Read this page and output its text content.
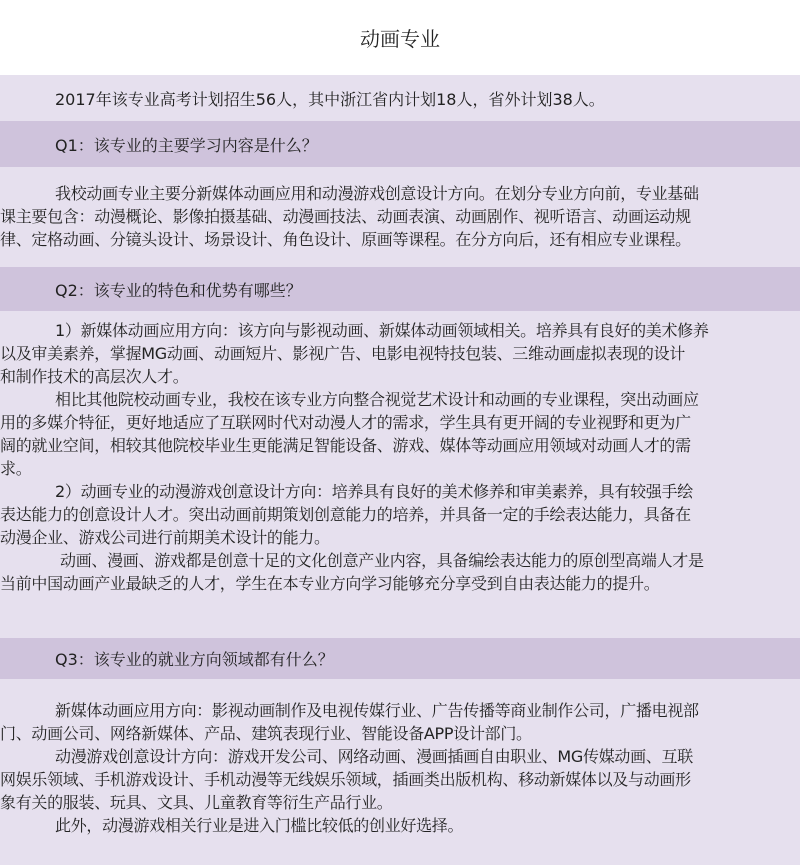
动画专业
2017年该专业高考计划招生56人，其中浙江省内计划18人，省外计划38人。
Q1：该专业的主要学习内容是什么？
我校动画专业主要分新媒体动画应用和动漫游戏创意设计方向。在划分专业方向前，专业基础
课主要包含：动漫概论、影像拍摄基础、动漫画技法、动画表演、动画剧作、视听语言、动画运动规
律、定格动画、分镜头设计、场景设计、角色设计、原画等课程。在分方向后，还有相应专业课程。
Q2：该专业的特色和优势有哪些？
1）新媒体动画应用方向：该方向与影视动画、新媒体动画领域相关。培养具有良好的美术修养
以及审美素养，掌握MG动画、动画短片、影视广告、电影电视特技包装、三维动画虚拟表现的设计
和制作技术的高层次人才。
相比其他院校动画专业，我校在该专业方向整合视觉艺术设计和动画的专业课程，突出动画应
用的多媒介特征，更好地适应了互联网时代对动漫人才的需求，学生具有更开阔的专业视野和更为广
阔的就业空间，相较其他院校毕业生更能满足智能设备、游戏、媒体等动画应用领域对动画人才的需
求。
2）动画专业的动漫游戏创意设计方向：培养具有良好的美术修养和审美素养，具有较强手绘
表达能力的创意设计人才。突出动画前期策划创意能力的培养，并具备一定的手绘表达能力，具备在
动漫企业、游戏公司进行前期美术设计的能力。
动画、漫画、游戏都是创意十足的文化创意产业内容，具备编绘表达能力的原创型高端人才是
当前中国动画产业最缺乏的人才，学生在本专业方向学习能够充分享受到自由表达能力的提升。
Q3：该专业的就业方向领域都有什么？
新媒体动画应用方向：影视动画制作及电视传媒行业、广告传播等商业制作公司，广播电视部
门、动画公司、网络新媒体、产品、建筑表现行业、智能设备APP设计部门。
动漫游戏创意设计方向：游戏开发公司、网络动画、漫画插画自由职业、MG传媒动画、互联
网娱乐领域、手机游戏设计、手机动漫等无线娱乐领域，插画类出版机构、移动新媒体以及与动画形
象有关的服装、玩具、文具、儿童教育等衍生产品行业。
此外，动漫游戏相关行业是进入门槛比较低的创业好选择。
